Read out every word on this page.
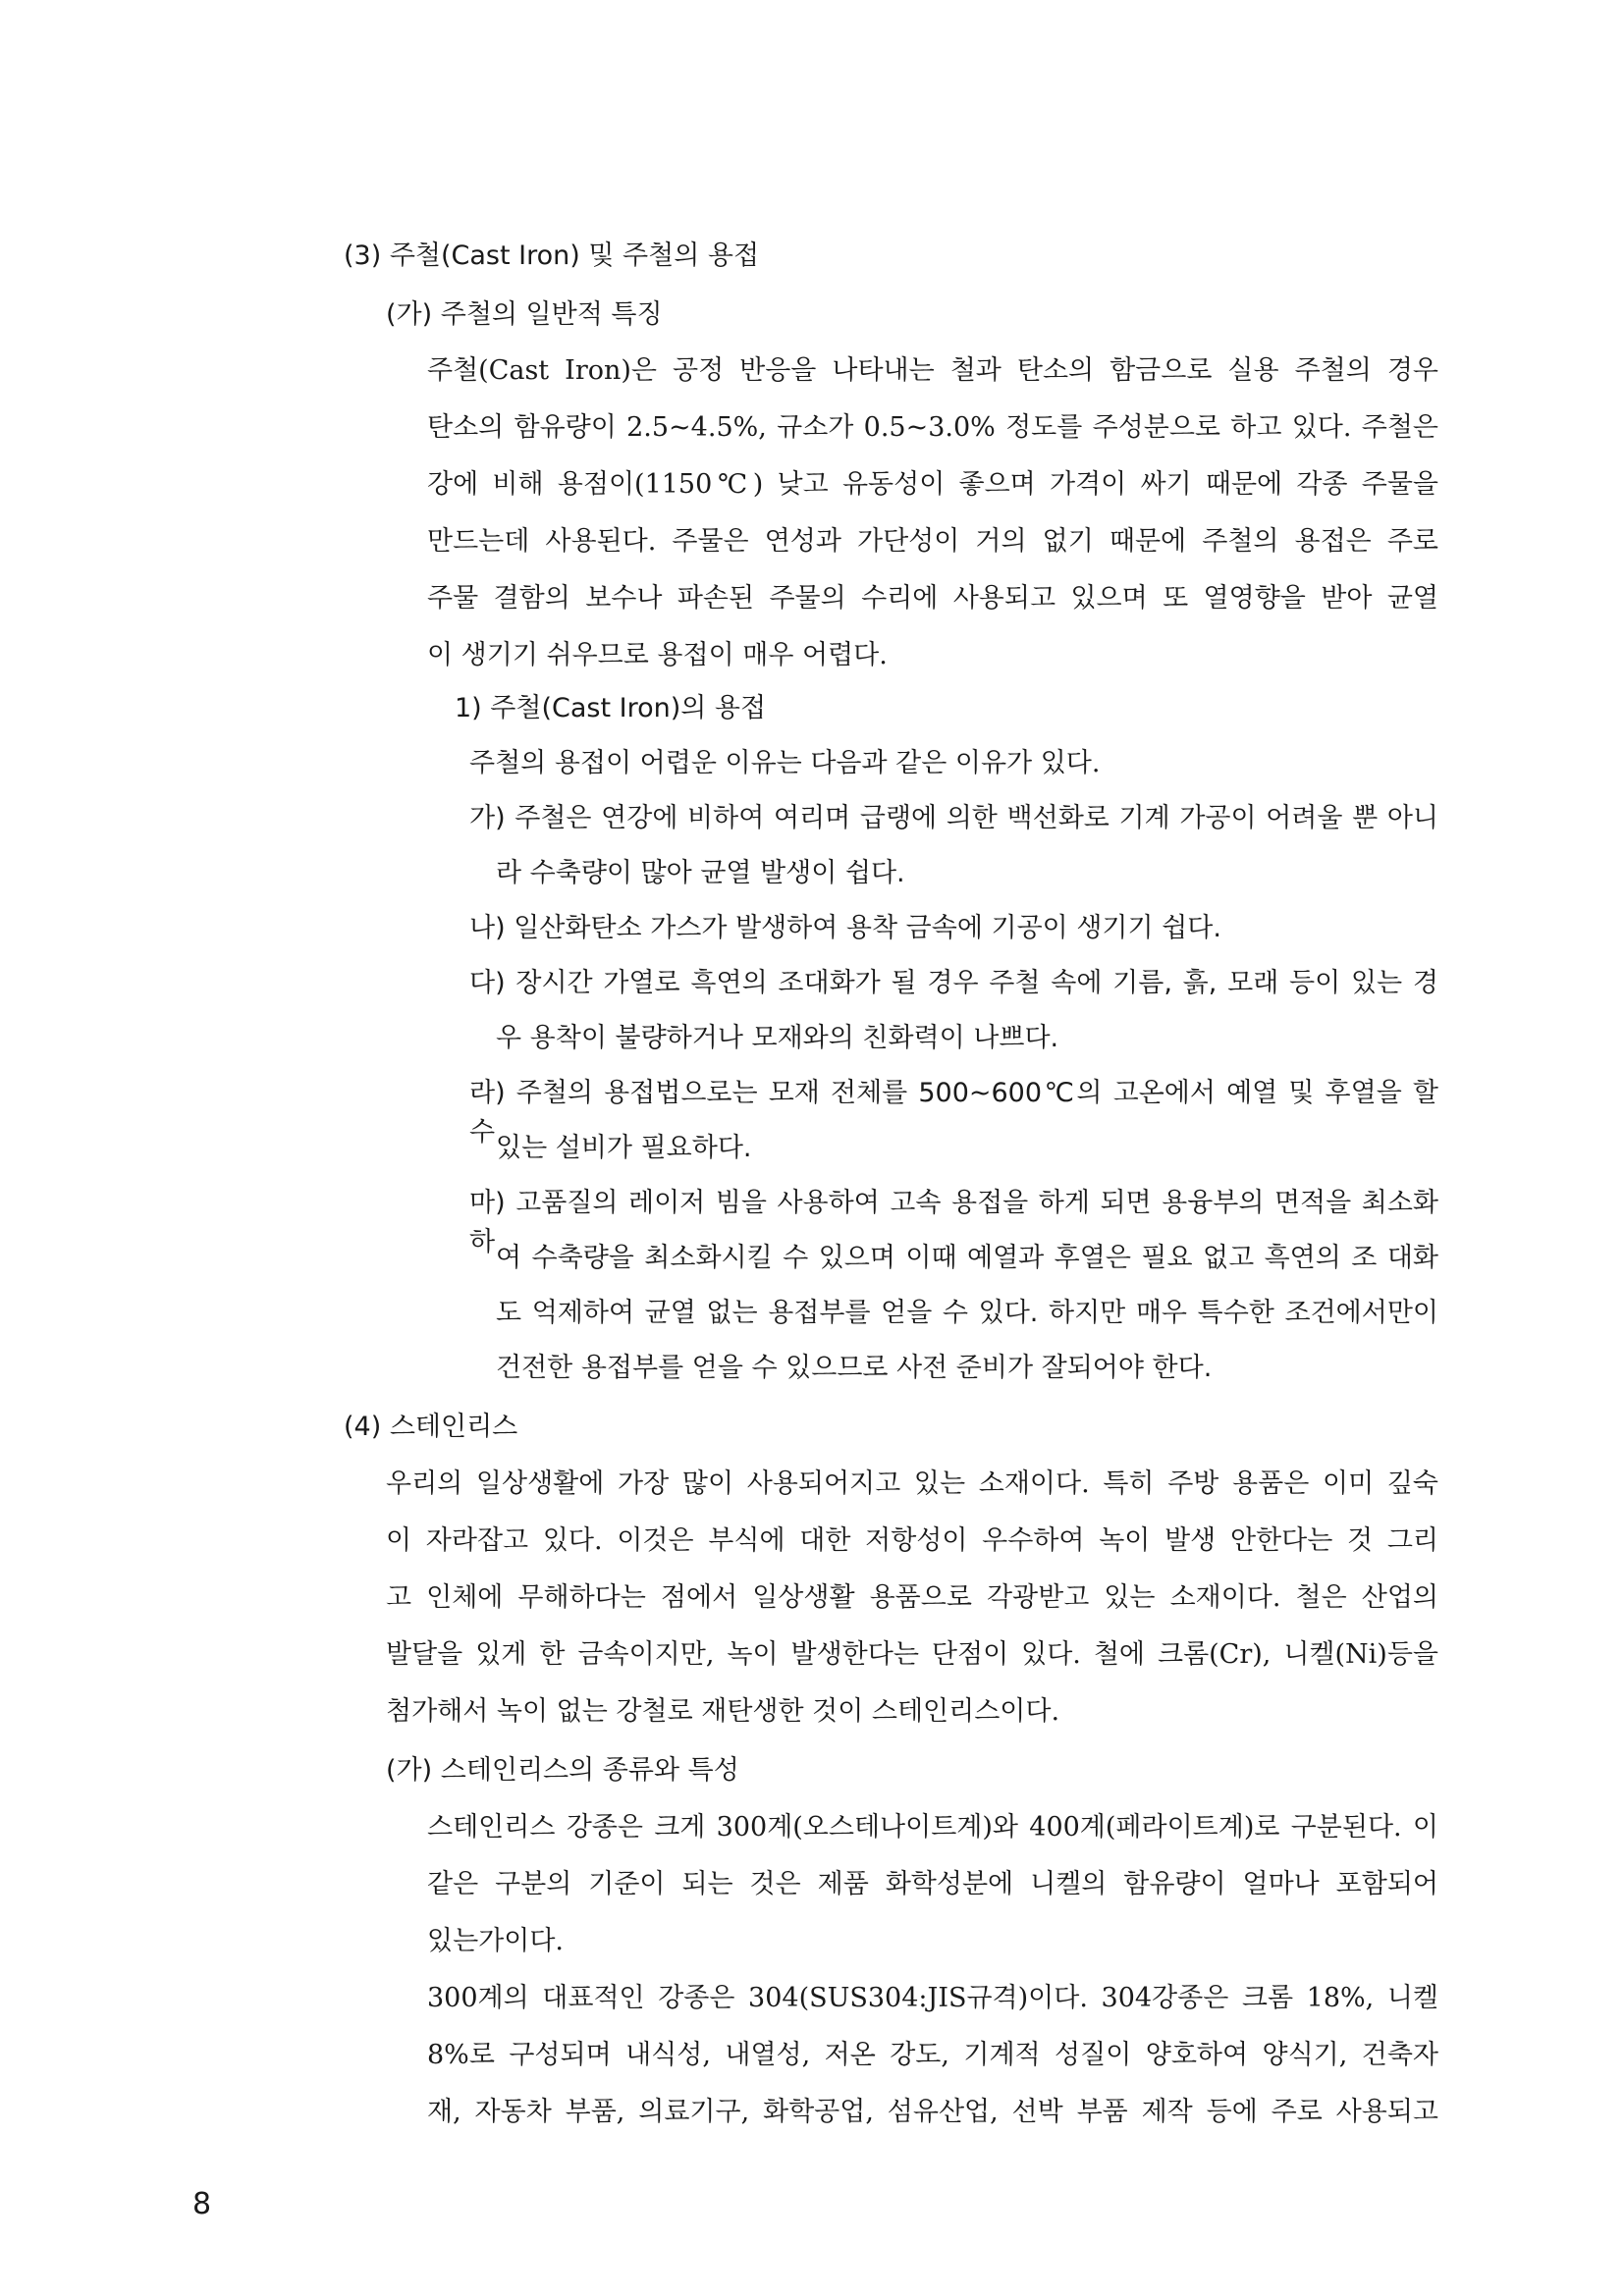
(3) 주철(Cast Iron) 및 주철의 용접
(가) 주철의 일반적 특징
주철(Cast Iron)은 공정 반응을 나타내는 철과 탄소의 함금으로 실용 주철의 경우
탄소의 함유량이 2.5~4.5%, 규소가 0.5~3.0% 정도를 주성분으로 하고 있다. 주철은
강에 비해 용점이(1150℃) 낮고 유동성이 좋으며 가격이 싸기 때문에 각종 주물을
만드는데 사용된다. 주물은 연성과 가단성이 거의 없기 때문에 주철의 용접은 주로
주물 결함의 보수나 파손된 주물의 수리에 사용되고 있으며 또 열영향을 받아 균열
이 생기기 쉬우므로 용접이 매우 어렵다.
1) 주철(Cast Iron)의 용접
주철의 용접이 어렵운 이유는 다음과 같은 이유가 있다.
가) 주철은 연강에 비하여 여리며 급랭에 의한 백선화로 기계 가공이 어려울 뿐 아니
라 수축량이 많아 균열 발생이 쉽다.
나) 일산화탄소 가스가 발생하여 용착 금속에 기공이 생기기 쉽다.
다) 장시간 가열로 흑연의 조대화가 될 경우 주철 속에 기름, 흙, 모래 등이 있는 경
우 용착이 불량하거나 모재와의 친화력이 나쁘다.
라) 주철의 용접법으로는 모재 전체를 500~600℃의 고온에서 예열 및 후열을 할 수
있는 설비가 필요하다.
마) 고품질의 레이저 빔을 사용하여 고속 용접을 하게 되면 용융부의 면적을 최소화하
여 수축량을 최소화시킬 수 있으며 이때 예열과 후열은 필요 없고 흑연의 조 대화
도 억제하여 균열 없는 용접부를 얻을 수 있다. 하지만 매우 특수한 조건에서만이
건전한 용접부를 얻을 수 있으므로 사전 준비가 잘되어야 한다.
(4) 스테인리스
우리의 일상생활에 가장 많이 사용되어지고 있는 소재이다. 특히 주방 용품은 이미 깊숙
이 자라잡고 있다. 이것은 부식에 대한 저항성이 우수하여 녹이 발생 안한다는 것 그리
고 인체에 무해하다는 점에서 일상생활 용품으로 각광받고 있는 소재이다. 철은 산업의
발달을 있게 한 금속이지만, 녹이 발생한다는 단점이 있다. 철에 크롬(Cr), 니켈(Ni)등을
첨가해서 녹이 없는 강철로 재탄생한 것이 스테인리스이다.
(가) 스테인리스의 종류와 특성
스테인리스 강종은 크게 300계(오스테나이트계)와 400계(페라이트계)로 구분된다. 이
같은 구분의 기준이 되는 것은 제품 화학성분에 니켈의 함유량이 얼마나 포함되어
있는가이다.
300계의 대표적인 강종은 304(SUS304:JIS규격)이다. 304강종은 크롬 18%, 니켈
8%로 구성되며 내식성, 내열성, 저온 강도, 기계적 성질이 양호하여 양식기, 건축자
재, 자동차 부품, 의료기구, 화학공업, 섬유산업, 선박 부품 제작 등에 주로 사용되고
8
